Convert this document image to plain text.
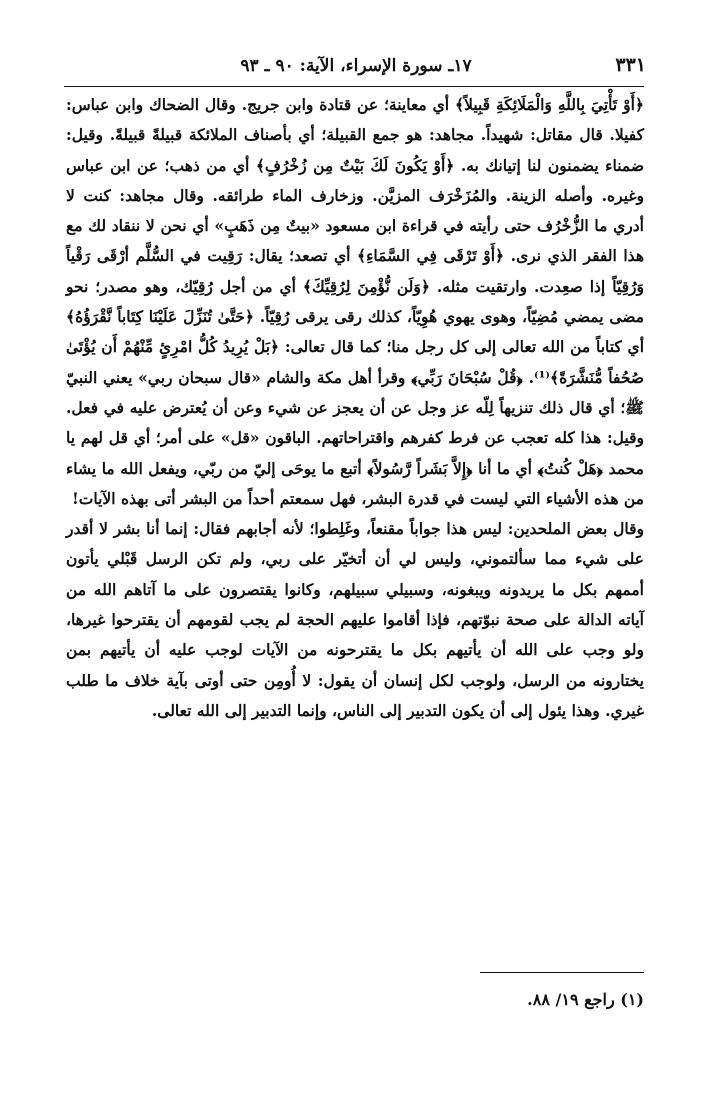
٣٣١
١٧ـ سورة الإسراء، الآية: ٩٠ ـ ٩٣

﴿أَوْ تَأْتِيَ بِاللَّهِ وَالْمَلَائِكَةِ قَبِيلاً﴾ أي معاينة؛ عن قتادة وابن جريج. وقال الضحاك وابن عباس: كفيلا. قال مقاتل: شهيداً. مجاهد: هو جمع القبيلة؛ أي بأصناف الملائكة قبيلةً قبيلةً. وقيل: ضمناء يضمنون لنا إتيانك به. ﴿أَوْ يَكُونَ لَكَ بَيْتٌ مِن زُخْرُفٍ﴾ أي من ذهب؛ عن ابن عباس وغيره. وأصله الزينة. والمُزَخْرَف المزيَّن. وزخارف الماء طرائقه. وقال مجاهد: كنت لا أدري ما الزُّخْرُف حتى رأيته في قراءة ابن مسعود «بيتٌ مِن ذَهَبٍ» أي نحن لا ننقاد لك مع هذا الفقر الذي نرى. ﴿أَوْ تَرْقَى فِي السَّمَاءِ﴾ أي تصعد؛ يقال: رَقِيت في السُّلَّم أرْقَى رَقْياً وَرُقِيّاً إذا صعِدت. وارتقيت مثله. ﴿وَلَن نُّؤْمِنَ لِرُقِيِّكَ﴾ أي من أجل رُقِيّك، وهو مصدر؛ نحو مضى يمضي مُضِيّاً، وهوى يهوي هُوِيّاً، كذلك رقى يرقى رُقِيّاً. ﴿حَتَّىٰ تُنَزِّلَ عَلَيْنَا كِتَاباً نَّقْرَؤُهُ﴾ أي كتاباً من الله تعالى إلى كل رجل منا؛ كما قال تعالى: ﴿بَلْ يُرِيدُ كُلُّ امْرِئٍ مِّنْهُمْ أَن يُؤْتَىٰ صُحُفاً مُّنَشَّرَةً﴾⁽¹⁾. ﴿قُلْ سُبْحَانَ رَبِّي﴾ وقرأ أهل مكة والشام «قال سبحان ربي» يعني النبيّ ﷺ؛ أي قال ذلك تنزيهاً لِلّه عز وجل عن أن يعجز عن شيء وعن أن يُعترض عليه في فعل. وقيل: هذا كله تعجب عن فرط كفرهم واقتراحاتهم. الباقون «قل» على أمر؛ أي قل لهم يا محمد ﴿هَلْ كُنتُ﴾ أي ما أنا ﴿إِلاَّ بَشَراً رَّسُولاً﴾ أتبع ما يوحَى إليّ من ربّي، ويفعل الله ما يشاء من هذه الأشياء التي ليست في قدرة البشر، فهل سمعتم أحداً من البشر أتى بهذه الآيات!

وقال بعض الملحدين: ليس هذا جواباً مقنعاً، وغَلِطوا؛ لأنه أجابهم فقال: إنما أنا بشر لا أقدر على شيء مما سألتموني، وليس لي أن أتخيّر على ربي، ولم تكن الرسل قَبْلي يأتون أممهم بكل ما يريدونه ويبغونه، وسبيلي سبيلهم، وكانوا يقتصرون على ما آتاهم الله من آياته الدالة على صحة نبوّتهم، فإذا أقاموا عليهم الحجة لم يجب لقومهم أن يقترحوا غيرها، ولو وجب على الله أن يأتيهم بكل ما يقترحونه من الآيات لوجب عليه أن يأتيهم بمن يختارونه من الرسل، ولوجب لكل إنسان أن يقول: لا أُومِن حتى أوتى بآية خلاف ما طلب غيري. وهذا يئول إلى أن يكون التدبير إلى الناس، وإنما التدبير إلى الله تعالى.

(١) راجع ١٩/ ٨٨.
